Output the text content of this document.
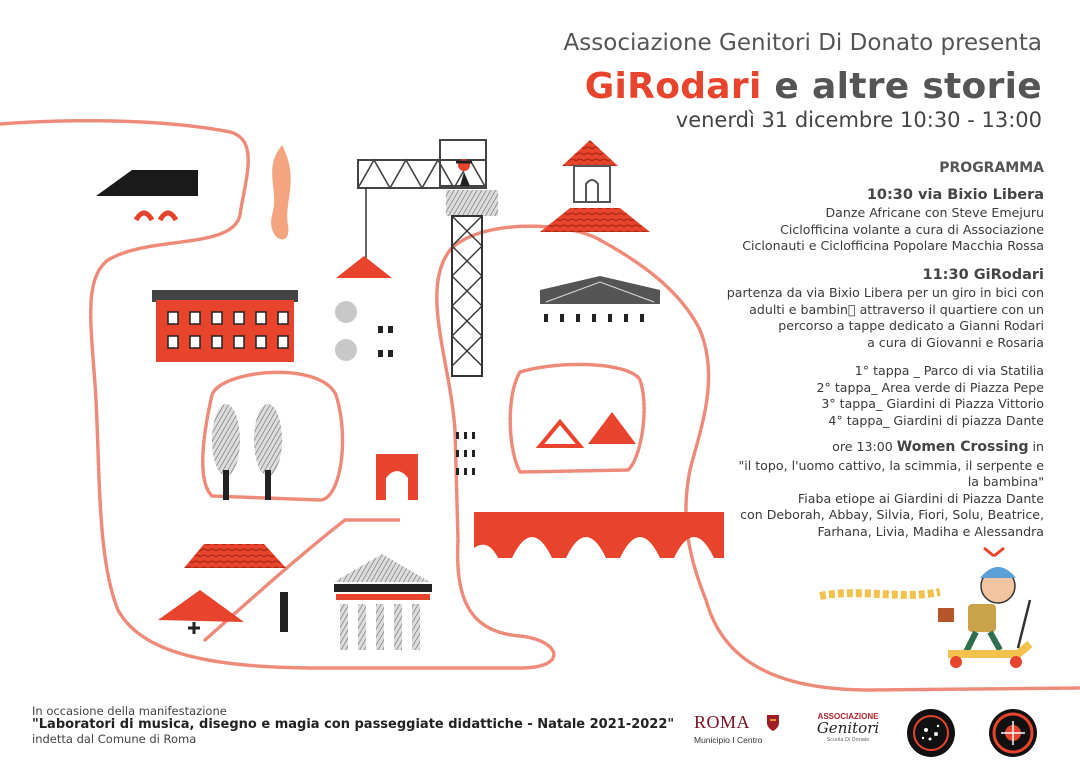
Associazione Genitori Di Donato presenta
GiRodari e altre storie
venerdì 31 dicembre 10:30 - 13:00
PROGRAMMA
10:30 via Bixio Libera
Danze Africane con Steve Emejuru
Ciclofficina volante a cura di Associazione
Ciclonauti e Ciclofficina Popolare Macchia Rossa
11:30 GiRodari
partenza da via Bixio Libera per un giro in bici con
adulti e bambin  attraverso il quartiere con un
percorso a tappe dedicato a Gianni Rodari
a cura di Giovanni e Rosaria
1° tappa _ Parco di via Statilia
2° tappa_ Area verde di Piazza Pepe
3° tappa_ Giardini di Piazza Vittorio
4° tappa_ Giardini di piazza Dante
ore 13:00 Women Crossing in
"il topo, l'uomo cattivo, la scimmia, il serpente e
la bambina"
Fiaba etiope ai Giardini di Piazza Dante
con Deborah, Abbay, Silvia, Fiori, Solu, Beatrice,
Farhana, Livia, Madiha e Alessandra
In occasione della manifestazione
"Laboratori di musica, disegno e magia con passeggiate didattiche - Natale 2021-2022"
indetta dal Comune di Roma
ROMA
Municipio I Centro
ASSOCIAZIONE
Genitori
Scuola Di Donato
